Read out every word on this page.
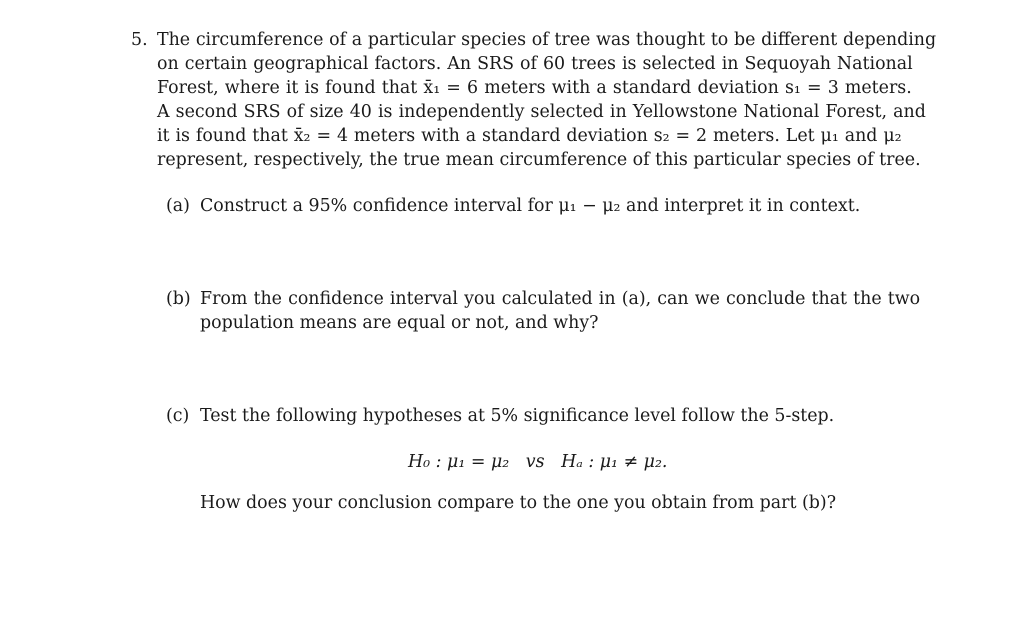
5. The circumference of a particular species of tree was thought to be different depending
on certain geographical factors. An SRS of 60 trees is selected in Sequoyah National
Forest, where it is found that x̄₁ = 6 meters with a standard deviation s₁ = 3 meters.
A second SRS of size 40 is independently selected in Yellowstone National Forest, and
it is found that x̄₂ = 4 meters with a standard deviation s₂ = 2 meters. Let μ₁ and μ₂
represent, respectively, the true mean circumference of this particular species of tree.
(a) Construct a 95% confidence interval for μ₁ − μ₂ and interpret it in context.
(b) From the confidence interval you calculated in (a), can we conclude that the two
population means are equal or not, and why?
(c) Test the following hypotheses at 5% significance level follow the 5-step.
H₀ : μ₁ = μ₂   vs   Hₐ : μ₁ ≠ μ₂.
How does your conclusion compare to the one you obtain from part (b)?
